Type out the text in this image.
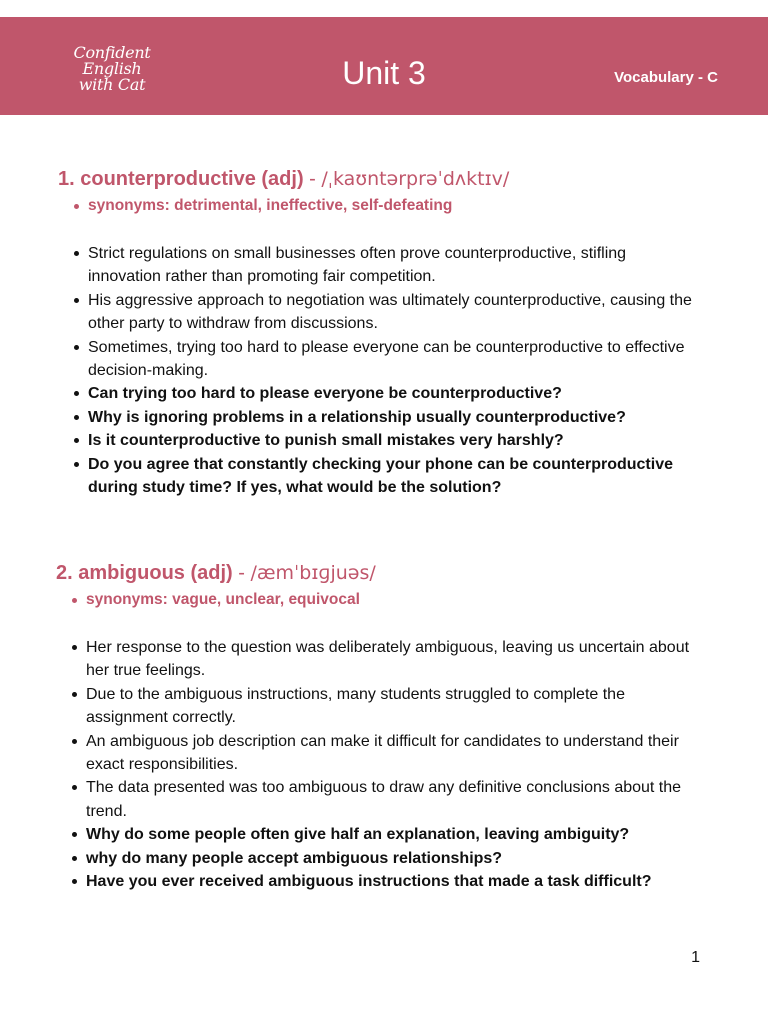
Confident
English
with Cat	Unit 3	Vocabulary - C
1. counterproductive (adj) - /ˌkaʊntərprəˈdʌktɪv/
synonyms: detrimental, ineffective, self-defeating
Strict regulations on small businesses often prove counterproductive, stifling innovation rather than promoting fair competition.
His aggressive approach to negotiation was ultimately counterproductive, causing the other party to withdraw from discussions.
Sometimes, trying too hard to please everyone can be counterproductive to effective decision-making.
Can trying too hard to please everyone be counterproductive?
Why is ignoring problems in a relationship usually counterproductive?
Is it counterproductive to punish small mistakes very harshly?
Do you agree that constantly checking your phone can be counterproductive during study time? If yes, what would be the solution?
2. ambiguous (adj) - /æmˈbɪɡjuəs/
synonyms: vague, unclear, equivocal
Her response to the question was deliberately ambiguous, leaving us uncertain about her true feelings.
Due to the ambiguous instructions, many students struggled to complete the assignment correctly.
An ambiguous job description can make it difficult for candidates to understand their exact responsibilities.
The data presented was too ambiguous to draw any definitive conclusions about the trend.
Why do some people often give half an explanation, leaving ambiguity?
why do many people accept ambiguous relationships?
Have you ever received ambiguous instructions that made a task difficult?
1
